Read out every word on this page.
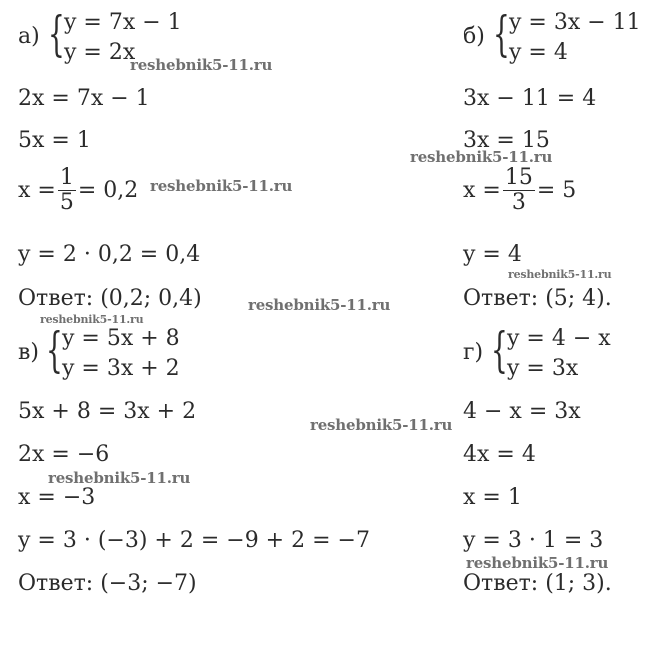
а) { y = 7x − 1
y = 2x
2x = 7x − 1
5x = 1
$x = \frac{1}{5} = 0,2$
y = 2 · 0,2 = 0,4
Ответ: (0,2; 0,4)
в) { y = 5x + 8
y = 3x + 2
5x + 8 = 3x + 2
2x = −6
x = −3
y = 3 · (−3) + 2 = −9 + 2 = −7
Ответ: (−3; −7)
б) { y = 3x − 11
y = 4
3x − 11 = 4
3x = 15
$x = \frac{15}{3} = 5$
y = 4
Ответ: (5; 4).
г) { y = 4 − x
y = 3x
4 − x = 3x
4x = 4
x = 1
y = 3 · 1 = 3
Ответ: (1; 3).
reshebnik5-11.ru
reshebnik5-11.ru
reshebnik5-11.ru
reshebnik5-11.ru
reshebnik5-11.ru
reshebnik5-11.ru
reshebnik5-11.ru
reshebnik5-11.ru
reshebnik5-11.ru
